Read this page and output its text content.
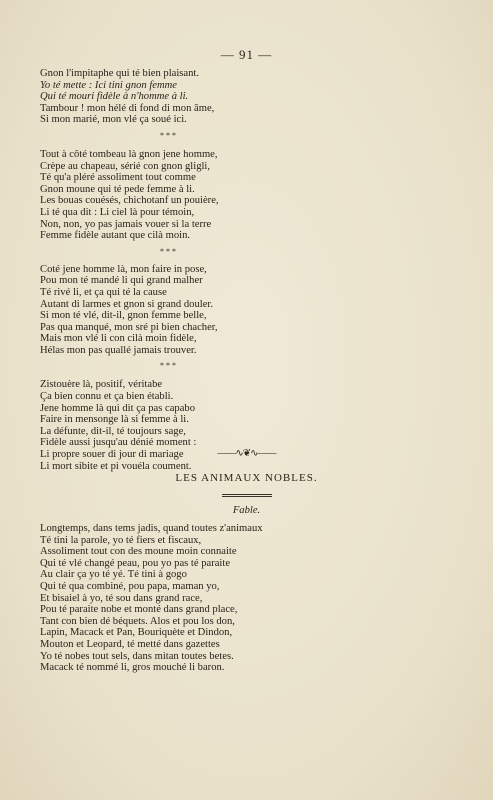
— 91 —
Gnon l'impitaphe qui té bien plaisant.
Yo té mette : Ici tini gnon femme
Qui té mouri fidèle à n'homme à li.
Tambour ! mon hélé di fond di mon âme,
Si mon marié, mon vlé ça soué ici.
* * *
Tout à côté tombeau là gnon jene homme,
Crèpe au chapeau, sérié con gnon gligli,
Té qu'a pléré assoliment tout comme
Gnon moune qui té pede femme à li.
Les bouas couésés, chichotanf un pouière,
Li té qua dit : Li ciel là pour témoin,
Non, non, yo pas jamais vouer si la terre
Femme fidèle autant que cilà moin.
* * *
Coté jene homme là, mon faire in pose,
Pou mon té mandé li qui grand malher
Té rivé li, et ça qui té la cause
Autant di larmes et gnon si grand douler.
Si mon té vlé, dit-il, gnon femme belle,
Pas qua manqué, mon sré pi bien chacher,
Mais mon vlé li con cilà moin fidèle,
Hélas mon pas quallé jamais trouver.
* * *
Zistouère là, positif, véritabe
Ça bien connu et ça bien établi.
Jene homme là qui dit ça pas capabo
Faire in mensonge là si femme à li.
La défunte, dit-il, té toujours sage,
Fidèle aussi jusqu'au dénié moment :
Li propre souer di jour di mariage
Li mort sibite et pi vouéla coument.
——∿❦∿——
LES ANIMAUX NOBLES.
Fable.
Longtemps, dans tems jadis, quand toutes z'animaux
Té tini la parole, yo té fiers et fiscaux,
Assoliment tout con des moune moin connaite
Qui té vlé changé peau, pou yo pas té paraite
Au clair ça yo té yé. Té tini à gogo
Qui té qua combiné, pou papa, maman yo,
Et bisaiel à yo, té sou dans grand race,
Pou té paraite nobe et monté dans grand place,
Tant con bien dé béquets. Alos et pou los don,
Lapin, Macack et Pan, Bouriquète et Dindon,
Mouton et Leopard, té metté dans gazettes
Yo té nobes tout sels, dans mitan toutes betes.
Macack té nommé li, gros mouché li baron.
